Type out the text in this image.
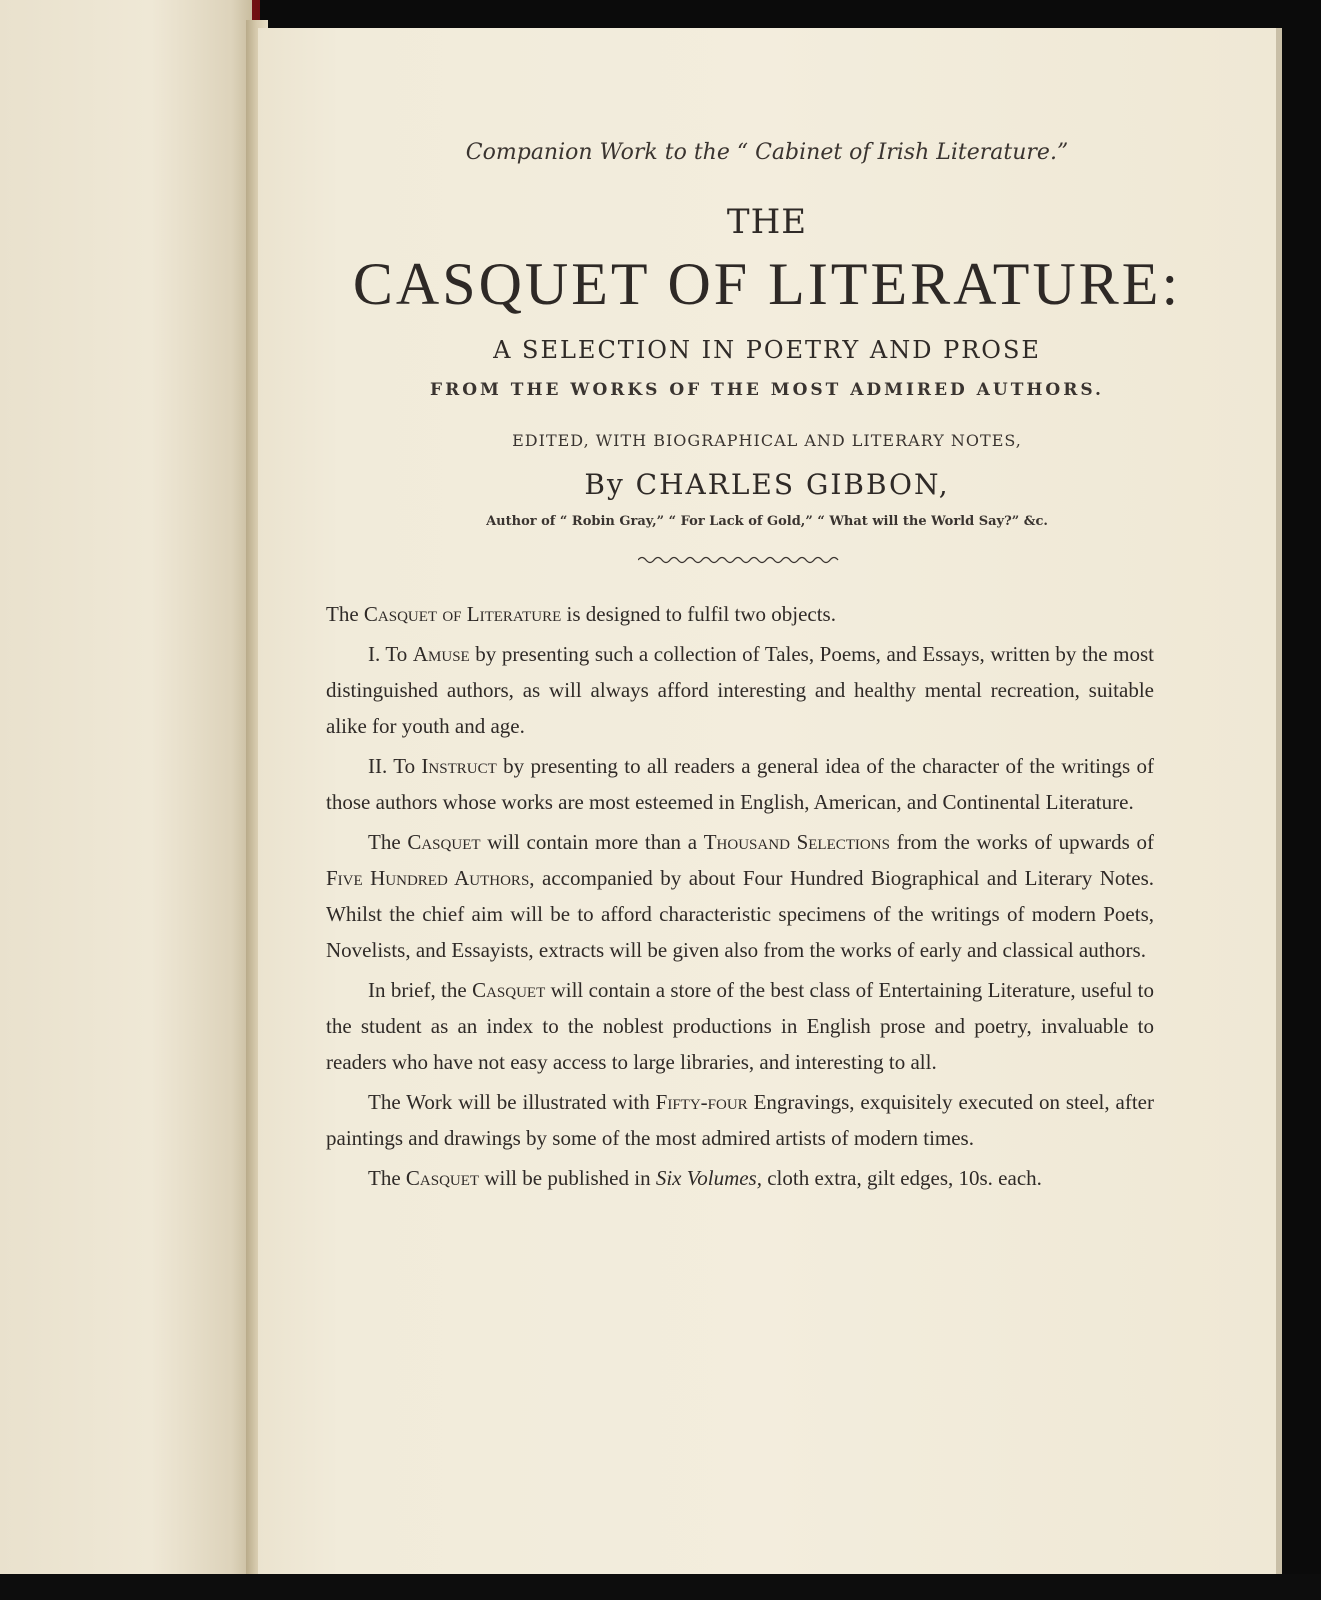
Companion Work to the “ Cabinet of Irish Literature.”
THE
CASQUET OF LITERATURE:
A SELECTION IN POETRY AND PROSE
FROM THE WORKS OF THE MOST ADMIRED AUTHORS.
EDITED, WITH BIOGRAPHICAL AND LITERARY NOTES,
By CHARLES GIBBON,
Author of “ Robin Gray,” “ For Lack of Gold,” “ What will the World Say?” &c.

The Casquet of Literature is designed to fulfil two objects.

I. To Amuse by presenting such a collection of Tales, Poems, and Essays, written by the most distinguished authors, as will always afford interesting and healthy mental recreation, suitable alike for youth and age.

II. To Instruct by presenting to all readers a general idea of the character of the writings of those authors whose works are most esteemed in English, American, and Continental Literature.

The Casquet will contain more than a Thousand Selections from the works of upwards of Five Hundred Authors, accompanied by about Four Hundred Biographical and Literary Notes. Whilst the chief aim will be to afford characteristic specimens of the writings of modern Poets, Novelists, and Essayists, extracts will be given also from the works of early and classical authors.

In brief, the Casquet will contain a store of the best class of Entertaining Literature, useful to the student as an index to the noblest productions in English prose and poetry, invaluable to readers who have not easy access to large libraries, and interesting to all.

The Work will be illustrated with Fifty-four Engravings, exquisitely executed on steel, after paintings and drawings by some of the most admired artists of modern times.

The Casquet will be published in Six Volumes, cloth extra, gilt edges, 10s. each.
